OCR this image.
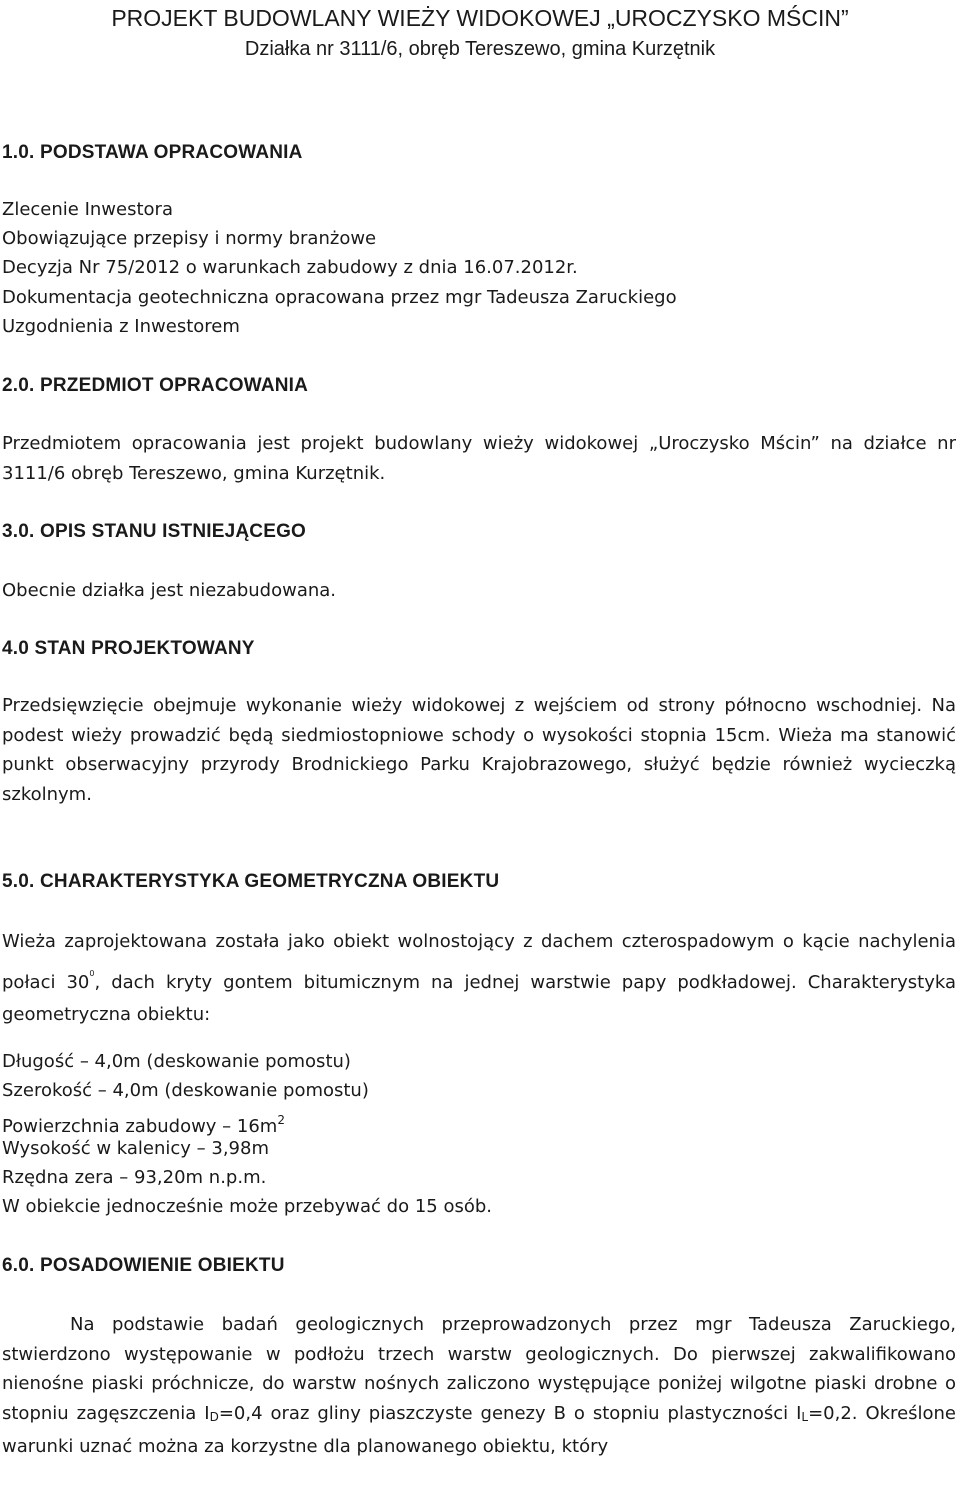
PROJEKT BUDOWLANY WIEŻY WIDOKOWEJ „UROCZYSKO MŚCIN”
Działka nr 3111/6, obręb Tereszewo, gmina Kurzętnik
1.0. PODSTAWA OPRACOWANIA
Zlecenie Inwestora
Obowiązujące przepisy i normy branżowe
Decyzja Nr 75/2012 o warunkach zabudowy z dnia 16.07.2012r.
Dokumentacja geotechniczna opracowana przez mgr Tadeusza Zaruckiego
Uzgodnienia z Inwestorem
2.0. PRZEDMIOT OPRACOWANIA
Przedmiotem opracowania jest projekt budowlany wieży widokowej „Uroczysko Mścin” na działce nr 3111/6 obręb Tereszewo, gmina Kurzętnik.
3.0. OPIS STANU ISTNIEJĄCEGO
Obecnie działka jest niezabudowana.
4.0 STAN PROJEKTOWANY
Przedsięwzięcie obejmuje wykonanie wieży widokowej z wejściem od strony północno wschodniej. Na podest wieży prowadzić będą siedmiostopniowe schody o wysokości stopnia 15cm. Wieża ma stanowić punkt obserwacyjny przyrody Brodnickiego Parku Krajobrazowego, służyć będzie również wycieczką szkolnym.
5.0. CHARAKTERYSTYKA GEOMETRYCZNA OBIEKTU
Wieża zaprojektowana została jako obiekt wolnostojący z dachem czterospadowym o kącie nachylenia połaci $30^0$, dach kryty gontem bitumicznym na jednej warstwie papy podkładowej. Charakterystyka geometryczna obiektu:
Długość – 4,0m (deskowanie pomostu)
Szerokość – 4,0m (deskowanie pomostu)
Powierzchnia zabudowy – $16m^2$
Wysokość w kalenicy – 3,98m
Rzędna zera – 93,20m n.p.m.
W obiekcie jednocześnie może przebywać do 15 osób.
6.0. POSADOWIENIE OBIEKTU
Na podstawie badań geologicznych przeprowadzonych przez mgr Tadeusza Zaruckiego, stwierdzono występowanie w podłożu trzech warstw geologicznych. Do pierwszej zakwalifikowano nienośne piaski próchnicze, do warstw nośnych zaliczono występujące poniżej wilgotne piaski drobne o stopniu zagęszczenia $I_D=0,4$ oraz gliny piaszczyste genezy B o stopniu plastyczności $I_L=0,2$. Określone warunki uznać można za korzystne dla planowanego obiektu, który
